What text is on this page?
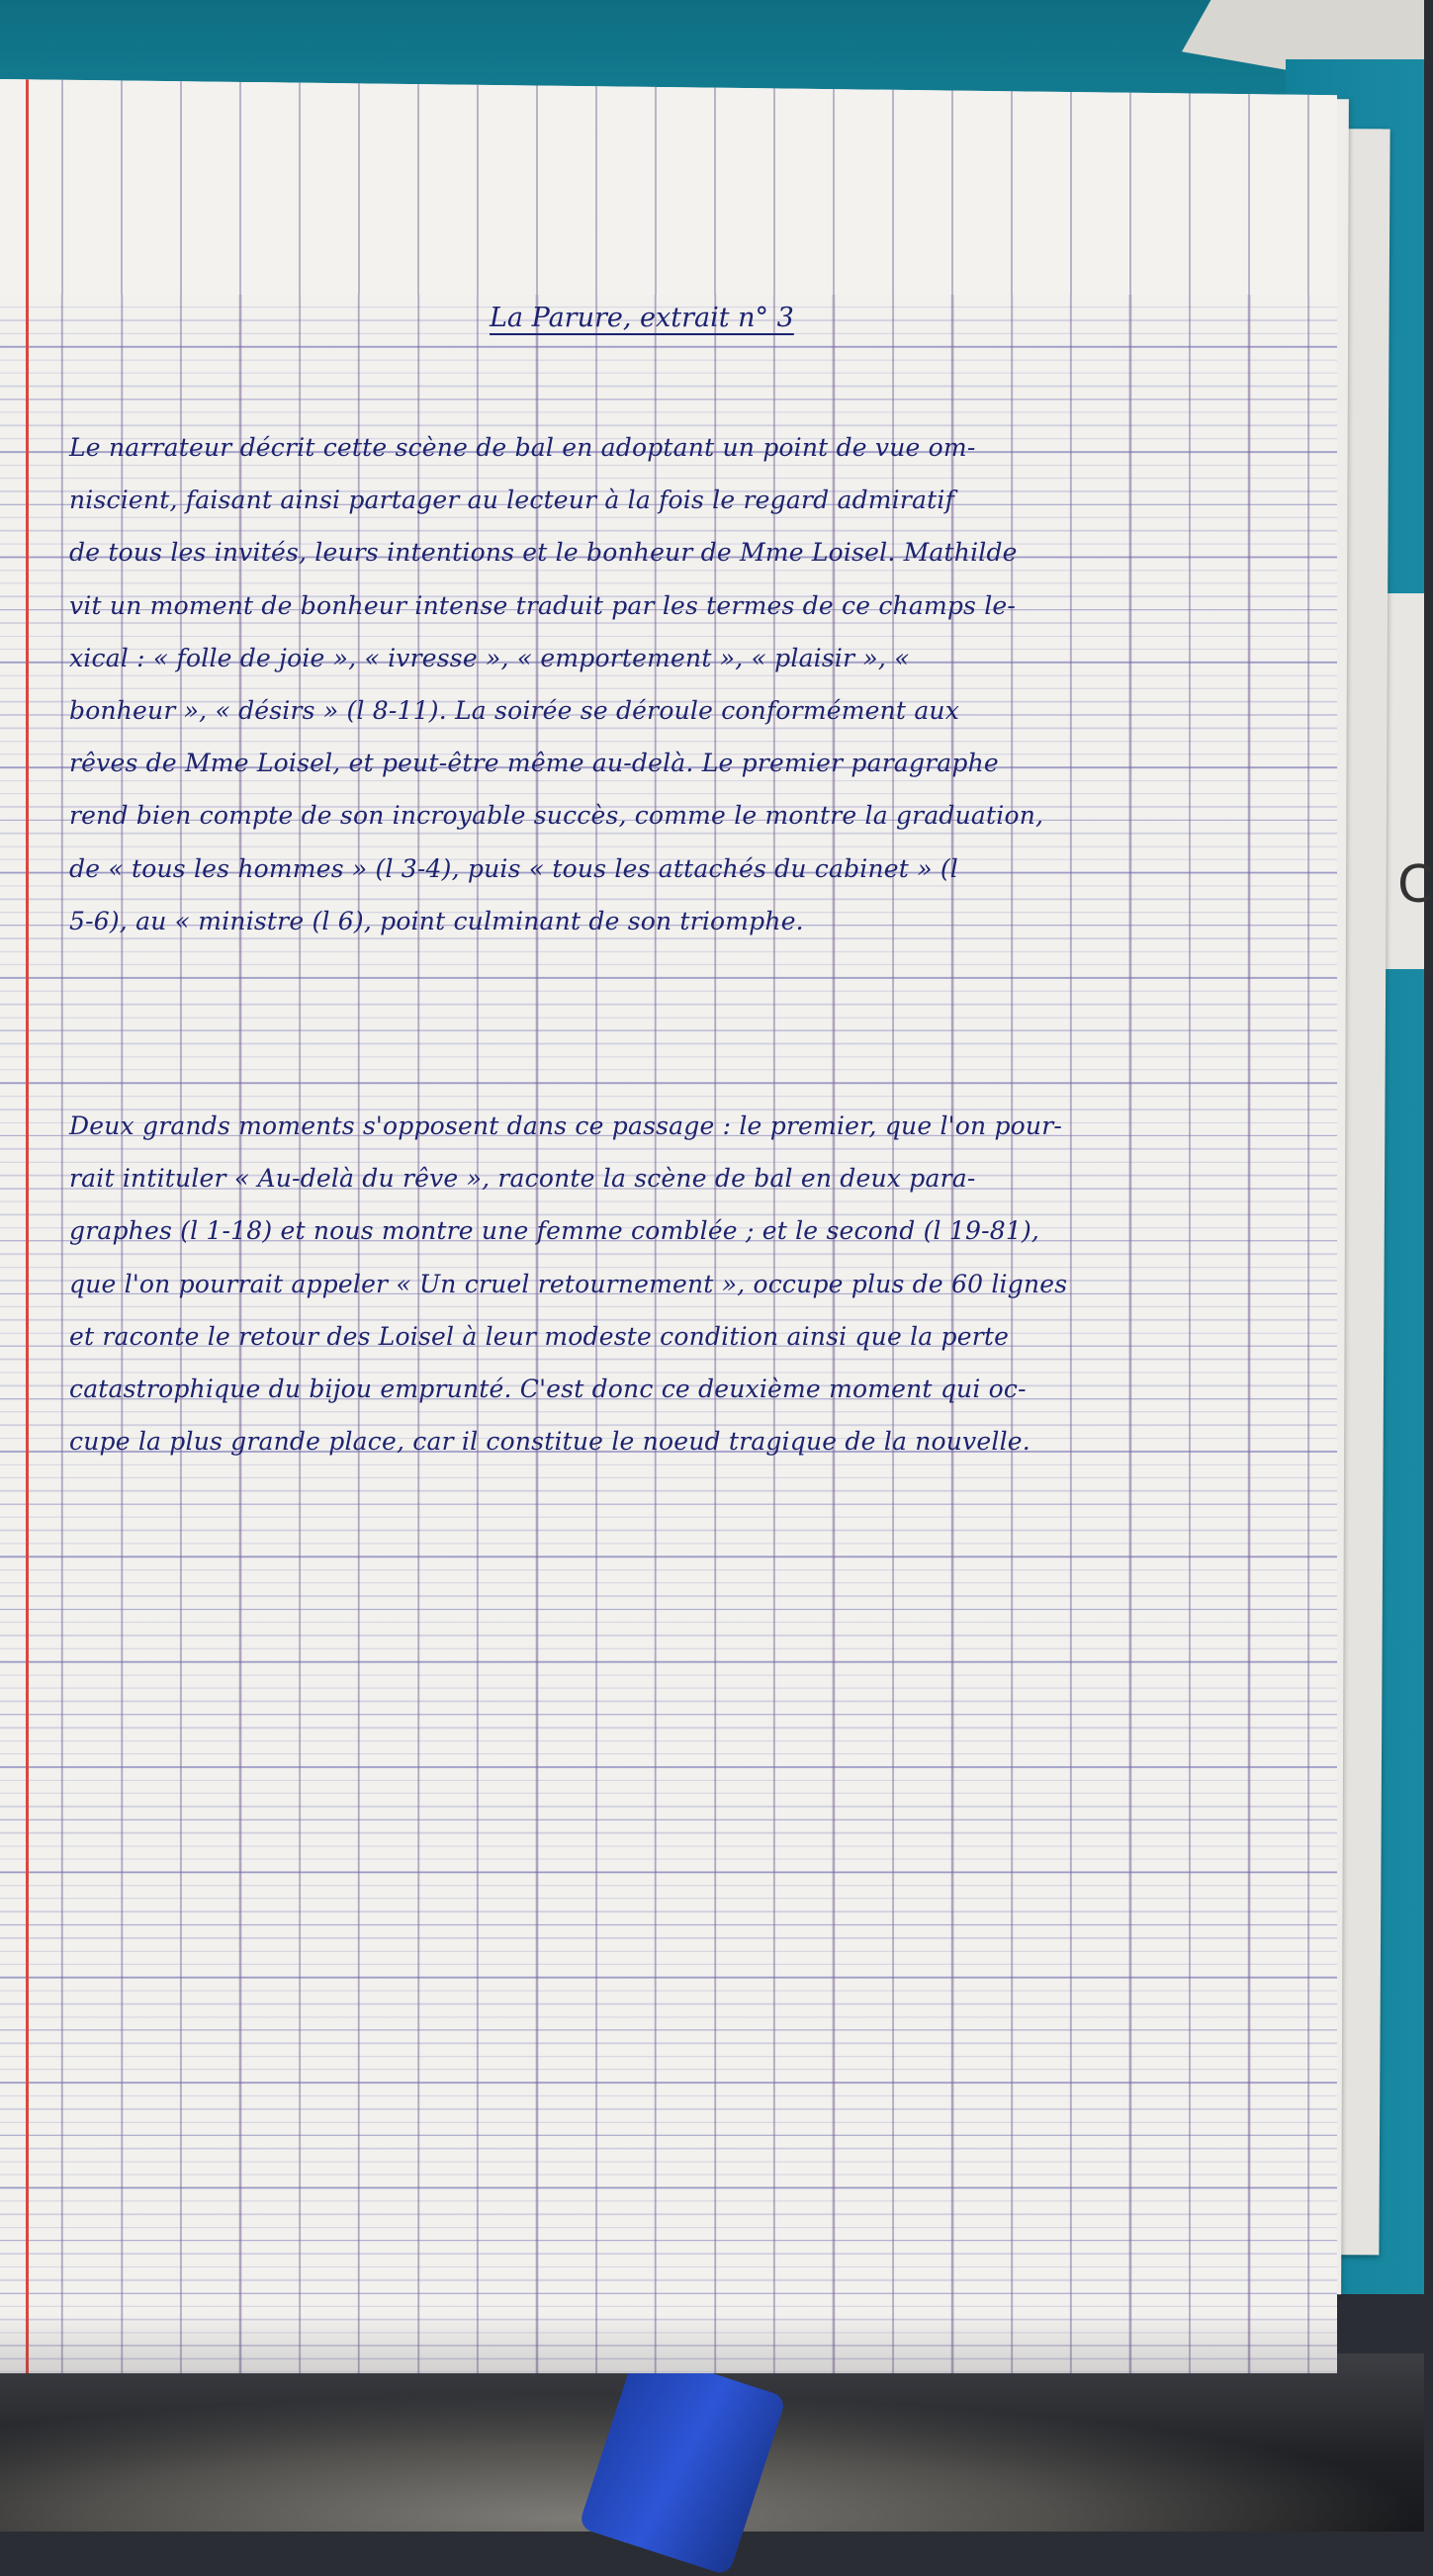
C
La Parure, extrait n° 3
Le narrateur décrit cette scène de bal en adoptant un point de vue om-
niscient, faisant ainsi partager au lecteur à la fois le regard admiratif
de tous les invités, leurs intentions et le bonheur de Mme Loisel. Mathilde
vit un moment de bonheur intense traduit par les termes de ce champs le-
xical : « folle de joie », « ivresse », « emportement », « plaisir », «
bonheur », « désirs » (l 8-11). La soirée se déroule conformément aux
rêves de Mme Loisel, et peut-être même au-delà. Le premier paragraphe
rend bien compte de son incroyable succès, comme le montre la graduation,
de « tous les hommes » (l 3-4), puis « tous les attachés du cabinet » (l
5-6), au « ministre (l 6), point culminant de son triomphe.
Deux grands moments s'opposent dans ce passage : le premier, que l'on pour-
rait intituler « Au-delà du rêve », raconte la scène de bal en deux para-
graphes (l 1-18) et nous montre une femme comblée ; et le second (l 19-81),
que l'on pourrait appeler « Un cruel retournement », occupe plus de 60 lignes
et raconte le retour des Loisel à leur modeste condition ainsi que la perte
catastrophique du bijou emprunté. C'est donc ce deuxième moment qui oc-
cupe la plus grande place, car il constitue le noeud tragique de la nouvelle.
